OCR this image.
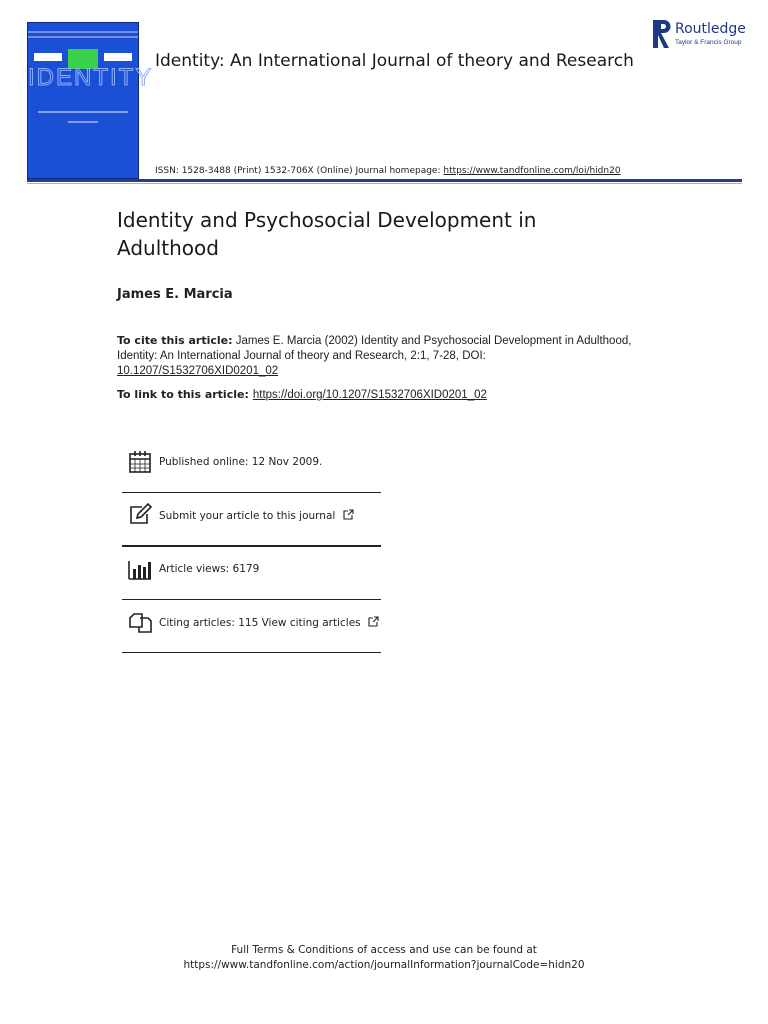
IDENTITY
Identity: An International Journal of theory and Research
Routledge
Taylor & Francis Group
ISSN: 1528-3488 (Print) 1532-706X (Online) Journal homepage: https://www.tandfonline.com/loi/hidn20
Identity and Psychosocial Development in Adulthood
James E. Marcia
To cite this article: James E. Marcia (2002) Identity and Psychosocial Development in Adulthood, Identity: An International Journal of theory and Research, 2:1, 7-28, DOI: 10.1207/S1532706XID0201_02
To link to this article: https://doi.org/10.1207/S1532706XID0201_02
Published online: 12 Nov 2009.
Submit your article to this journal
Article views: 6179
Citing articles: 115 View citing articles
Full Terms & Conditions of access and use can be found at
https://www.tandfonline.com/action/journalInformation?journalCode=hidn20
